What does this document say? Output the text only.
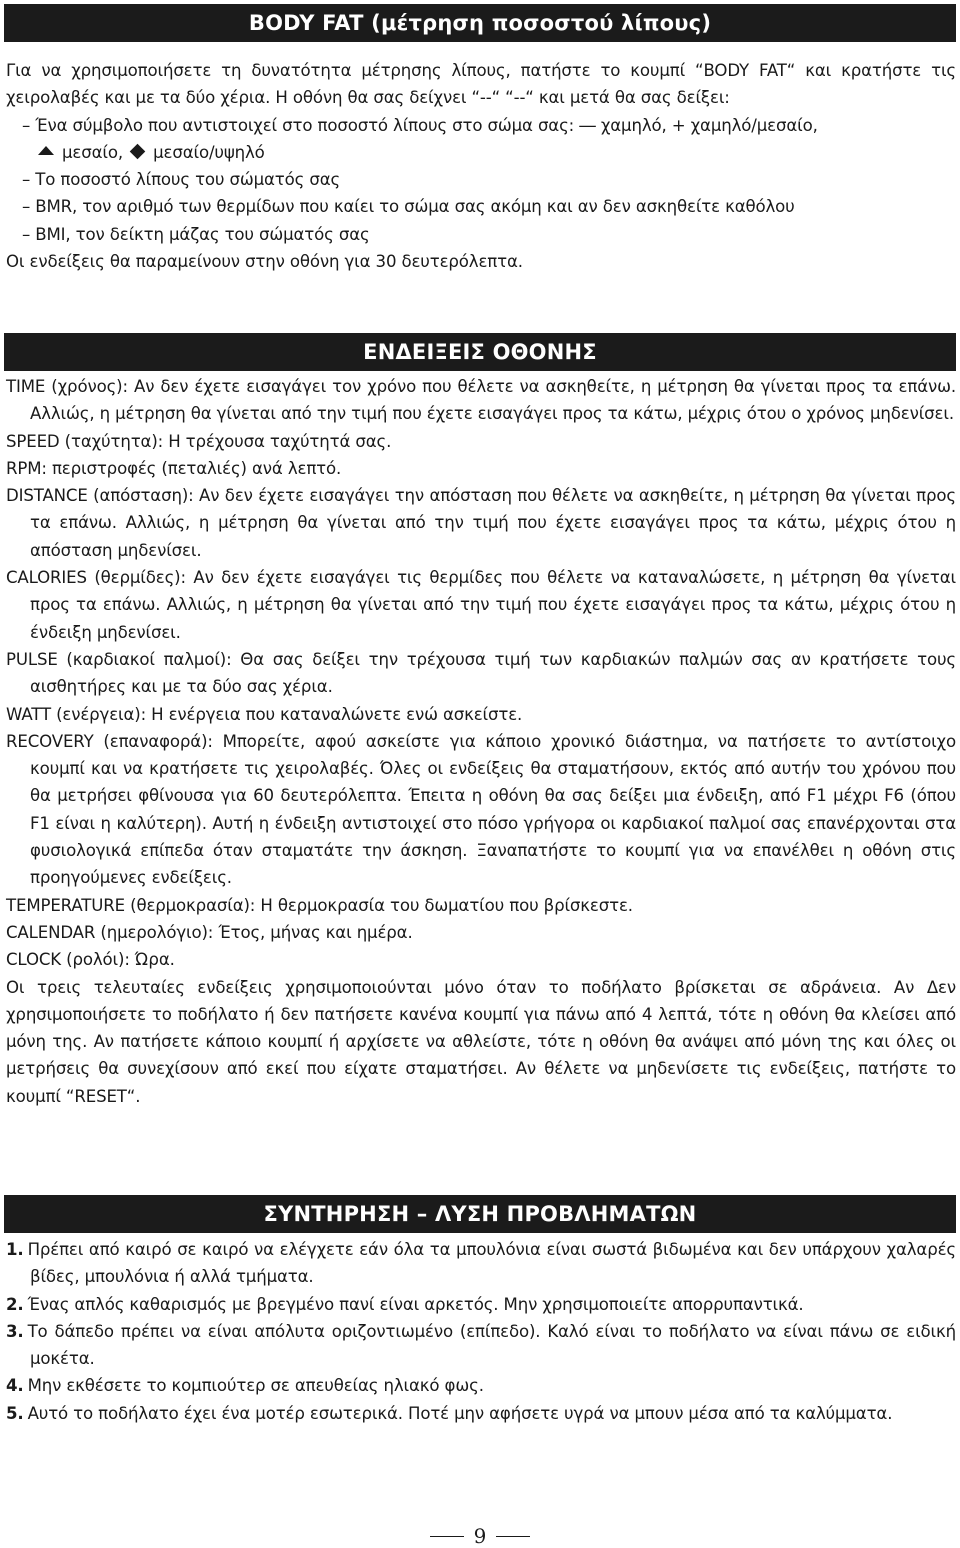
BODY FAT (μέτρηση ποσοστού λίπους)

Για να χρησιμοποιήσετε τη δυνατότητα μέτρησης λίπους, πατήστε το κουμπί “BODY FAT“ και κρατήστε τις χειρολαβές και με τα δύο χέρια. Η οθόνη θα σας δείχνει “--“ “--“ και μετά θα σας δείξει:

– Ένα σύμβολο που αντιστοιχεί στο ποσοστό λίπους στο σώμα σας: ― χαμηλό, + χαμηλό/μεσαίο,

μεσαίο, μεσαίο/υψηλό

– Το ποσοστό λίπους του σώματός σας

– BMR, τον αριθμό των θερμίδων που καίει το σώμα σας ακόμη και αν δεν ασκηθείτε καθόλου

– BMI, τον δείκτη μάζας του σώματός σας

Οι ενδείξεις θα παραμείνουν στην οθόνη για 30 δευτερόλεπτα.

ΕΝΔΕΙΞΕΙΣ ΟΘΟΝΗΣ

TIME (χρόνος): Αν δεν έχετε εισαγάγει τον χρόνο που θέλετε να ασκηθείτε, η μέτρηση θα γίνεται προς τα επάνω. Αλλιώς, η μέτρηση θα γίνεται από την τιμή που έχετε εισαγάγει προς τα κάτω, μέχρις ότου ο χρόνος μηδενίσει.

SPEED (ταχύτητα): Η τρέχουσα ταχύτητά σας.

RPM: περιστροφές (πεταλιές) ανά λεπτό.

DISTANCE (απόσταση): Αν δεν έχετε εισαγάγει την απόσταση που θέλετε να ασκηθείτε, η μέτρηση θα γίνεται προς τα επάνω. Αλλιώς, η μέτρηση θα γίνεται από την τιμή που έχετε εισαγάγει προς τα κάτω, μέχρις ότου η απόσταση μηδενίσει.

CALORIES (θερμίδες): Αν δεν έχετε εισαγάγει τις θερμίδες που θέλετε να καταναλώσετε, η μέτρηση θα γίνεται προς τα επάνω. Αλλιώς, η μέτρηση θα γίνεται από την τιμή που έχετε εισαγάγει προς τα κάτω, μέχρις ότου η ένδειξη μηδενίσει.

PULSE (καρδιακοί παλμοί): Θα σας δείξει την τρέχουσα τιμή των καρδιακών παλμών σας αν κρατήσετε τους αισθητήρες και με τα δύο σας χέρια.

WATT (ενέργεια): Η ενέργεια που καταναλώνετε ενώ ασκείστε.

RECOVERY (επαναφορά): Μπορείτε, αφού ασκείστε για κάποιο χρονικό διάστημα, να πατήσετε το αντίστοιχο κουμπί και να κρατήσετε τις χειρολαβές. Όλες οι ενδείξεις θα σταματήσουν, εκτός από αυτήν του χρόνου που θα μετρήσει φθίνουσα για 60 δευτερόλεπτα. Έπειτα η οθόνη θα σας δείξει μια ένδειξη, από F1 μέχρι F6 (όπου F1 είναι η καλύτερη). Αυτή η ένδειξη αντιστοιχεί στο πόσο γρήγορα οι καρδιακοί παλμοί σας επανέρχονται στα φυσιολογικά επίπεδα όταν σταματάτε την άσκηση. Ξαναπατήστε το κουμπί για να επανέλθει η οθόνη στις προηγούμενες ενδείξεις.

TEMPERATURE (θερμοκρασία): Η θερμοκρασία του δωματίου που βρίσκεστε.

CALENDAR (ημερολόγιο): Έτος, μήνας και ημέρα.

CLOCK (ρολόι): Ώρα.

Οι τρεις τελευταίες ενδείξεις χρησιμοποιούνται μόνο όταν το ποδήλατο βρίσκεται σε αδράνεια. Αν Δεν χρησιμοποιήσετε το ποδήλατο ή δεν πατήσετε κανένα κουμπί για πάνω από 4 λεπτά, τότε η οθόνη θα κλείσει από μόνη της. Αν πατήσετε κάποιο κουμπί ή αρχίσετε να αθλείστε, τότε η οθόνη θα ανάψει από μόνη της και όλες οι μετρήσεις θα συνεχίσουν από εκεί που είχατε σταματήσει. Αν θέλετε να μηδενίσετε τις ενδείξεις, πατήστε το κουμπί “RESET“.

ΣΥΝΤΗΡΗΣΗ – ΛΥΣΗ ΠΡΟΒΛΗΜΑΤΩΝ

1. Πρέπει από καιρό σε καιρό να ελέγχετε εάν όλα τα μπουλόνια είναι σωστά βιδωμένα και δεν υπάρχουν χαλαρές βίδες, μπουλόνια ή αλλά τμήματα.

2. Ένας απλός καθαρισμός με βρεγμένο πανί είναι αρκετός. Μην χρησιμοποιείτε απορρυπαντικά.

3. Το δάπεδο πρέπει να είναι απόλυτα οριζοντιωμένο (επίπεδο). Καλό είναι το ποδήλατο να είναι πάνω σε ειδική μοκέτα.

4. Μην εκθέσετε το κομπιούτερ σε απευθείας ηλιακό φως.

5. Αυτό το ποδήλατο έχει ένα μοτέρ εσωτερικά. Ποτέ μην αφήσετε υγρά να μπουν μέσα από τα καλύμματα.

9
